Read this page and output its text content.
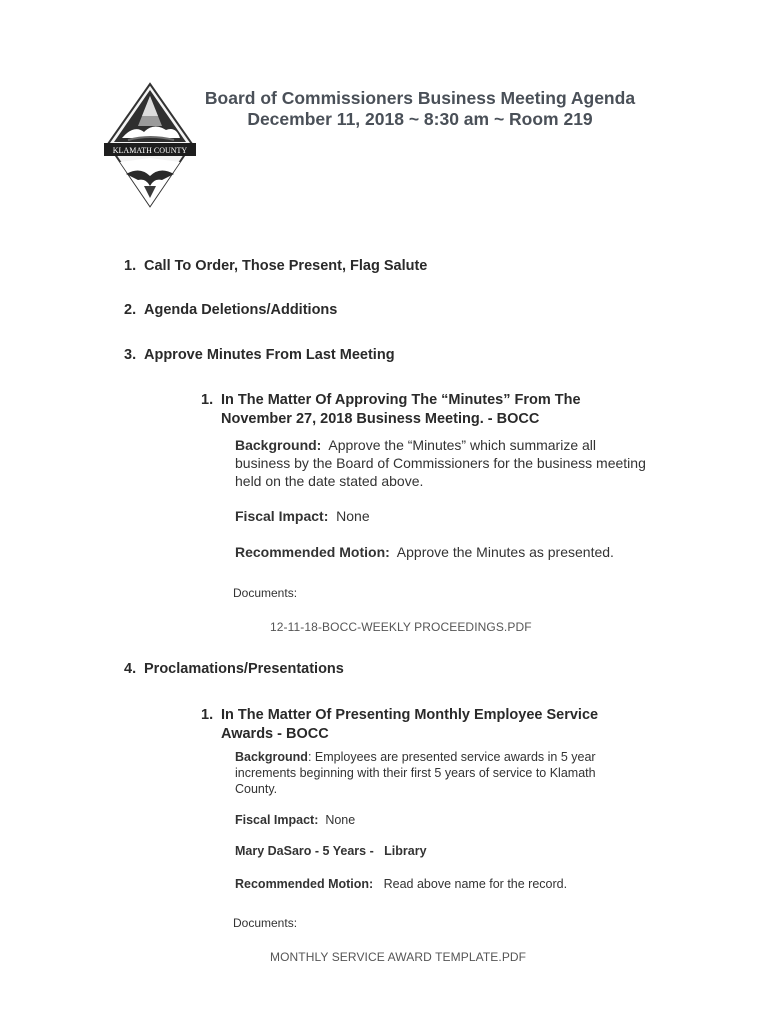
KLAMATH COUNTY
Board of Commissioners Business Meeting Agenda
December 11, 2018 ~ 8:30 am ~ Room 219
1. Call To Order, Those Present, Flag Salute
2. Agenda Deletions/Additions
3. Approve Minutes From Last Meeting
1. In The Matter Of Approving The “Minutes” From The
November 27, 2018 Business Meeting. - BOCC
Background: Approve the “Minutes” which summarize all business by the Board of Commissioners for the business meeting held on the date stated above.
Fiscal Impact: None
Recommended Motion: Approve the Minutes as presented.
Documents:
12-11-18-BOCC-WEEKLY PROCEEDINGS.PDF
4. Proclamations/Presentations
1. In The Matter Of Presenting Monthly Employee Service
Awards - BOCC
Background: Employees are presented service awards in 5 year increments beginning with their first 5 years of service to Klamath County.
Fiscal Impact: None
Mary DaSaro - 5 Years -   Library
Recommended Motion: Read above name for the record.
Documents:
MONTHLY SERVICE AWARD TEMPLATE.PDF
